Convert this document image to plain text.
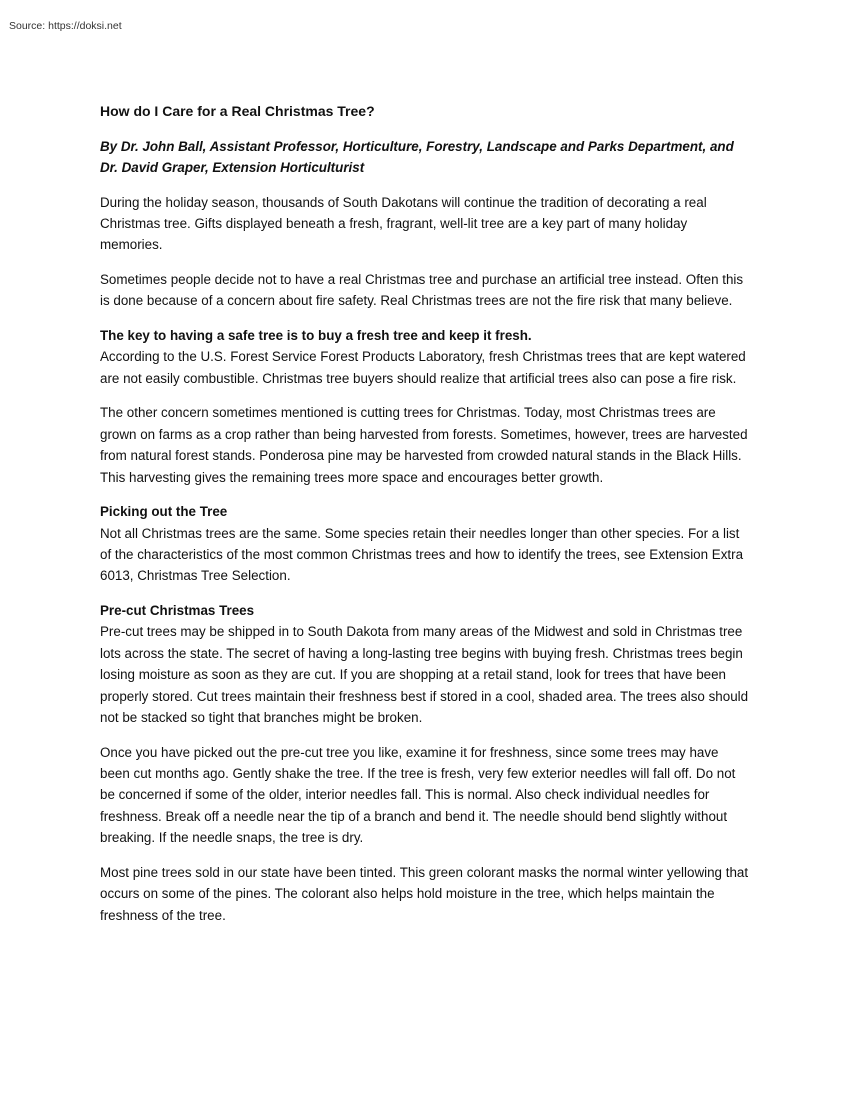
Source: https://doksi.net

How do I Care for a Real Christmas Tree?

By Dr. John Ball, Assistant Professor, Horticulture, Forestry, Landscape and Parks Department, and Dr. David Graper, Extension Horticulturist

During the holiday season, thousands of South Dakotans will continue the tradition of decorating a real Christmas tree. Gifts displayed beneath a fresh, fragrant, well-lit tree are a key part of many holiday memories.

Sometimes people decide not to have a real Christmas tree and purchase an artificial tree instead. Often this is done because of a concern about fire safety. Real Christmas trees are not the fire risk that many believe.

The key to having a safe tree is to buy a fresh tree and keep it fresh.
According to the U.S. Forest Service Forest Products Laboratory, fresh Christmas trees that are kept watered are not easily combustible. Christmas tree buyers should realize that artificial trees also can pose a fire risk.

The other concern sometimes mentioned is cutting trees for Christmas. Today, most Christmas trees are grown on farms as a crop rather than being harvested from forests. Sometimes, however, trees are harvested from natural forest stands. Ponderosa pine may be harvested from crowded natural stands in the Black Hills. This harvesting gives the remaining trees more space and encourages better growth.

Picking out the Tree
Not all Christmas trees are the same. Some species retain their needles longer than other species. For a list of the characteristics of the most common Christmas trees and how to identify the trees, see Extension Extra 6013, Christmas Tree Selection.
Pre-cut Christmas Trees
Pre-cut trees may be shipped in to South Dakota from many areas of the Midwest and sold in Christmas tree lots across the state. The secret of having a long-lasting tree begins with buying fresh. Christmas trees begin losing moisture as soon as they are cut. If you are shopping at a retail stand, look for trees that have been properly stored. Cut trees maintain their freshness best if stored in a cool, shaded area. The trees also should not be stacked so tight that branches might be broken.

Once you have picked out the pre-cut tree you like, examine it for freshness, since some trees may have been cut months ago. Gently shake the tree. If the tree is fresh, very few exterior needles will fall off. Do not be concerned if some of the older, interior needles fall. This is normal. Also check individual needles for freshness. Break off a needle near the tip of a branch and bend it. The needle should bend slightly without breaking. If the needle snaps, the tree is dry.

Most pine trees sold in our state have been tinted. This green colorant masks the normal winter yellowing that occurs on some of the pines. The colorant also helps hold moisture in the tree, which helps maintain the freshness of the tree.
